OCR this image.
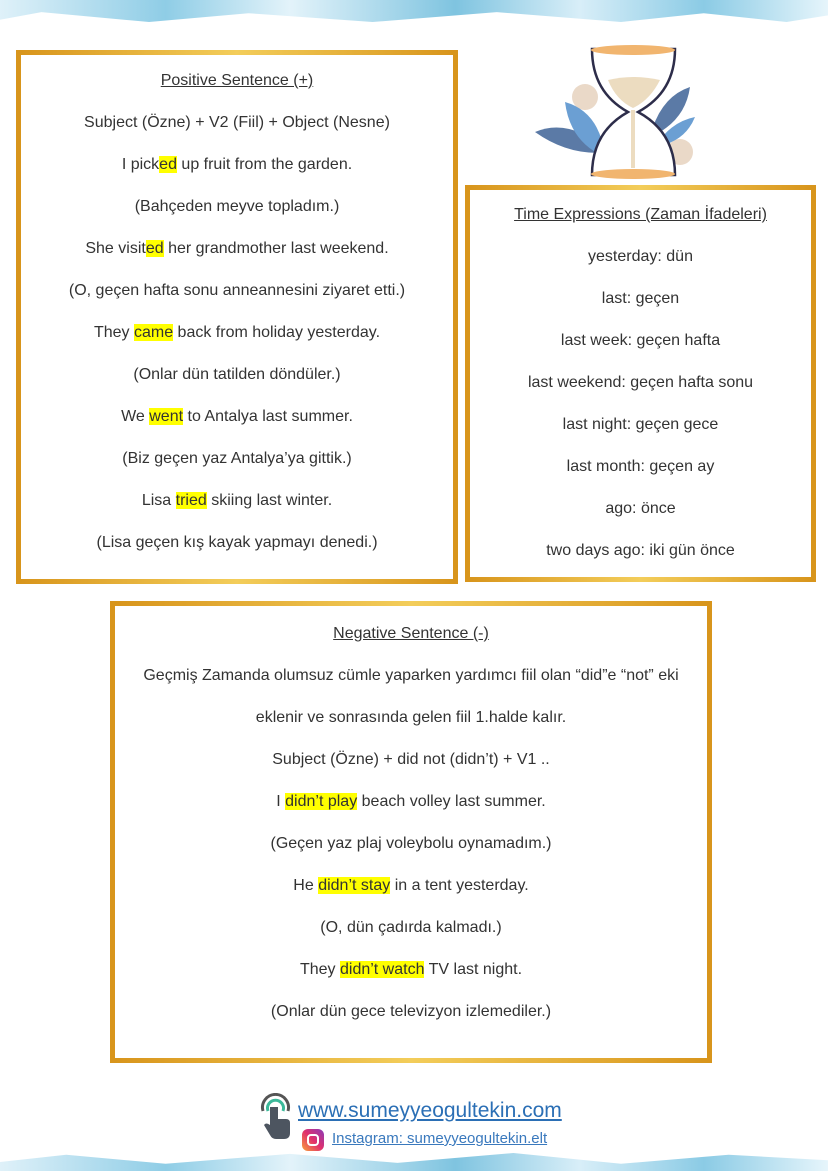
Positive Sentence (+)
Subject (Özne) + V2 (Fiil) + Object (Nesne)
I picked up fruit from the garden.
(Bahçeden meyve topladım.)
She visited her grandmother last weekend.
(O, geçen hafta sonu anneannesini ziyaret etti.)
They came back from holiday yesterday.
(Onlar dün tatilden döndüler.)
We went to Antalya last summer.
(Biz geçen yaz Antalya’ya gittik.)
Lisa tried skiing last winter.
(Lisa geçen kış kayak yapmayı denedi.)
Time Expressions (Zaman İfadeleri)
yesterday: dün
last: geçen
last week: geçen hafta
last weekend: geçen hafta sonu
last night: geçen gece
last month: geçen ay
ago: önce
two days ago: iki gün önce
Negative Sentence (-)
Geçmiş Zamanda olumsuz cümle yaparken yardımcı fiil olan “did”e “not” eki
eklenir ve sonrasında gelen fiil 1.halde kalır.
Subject (Özne) + did not (didn’t) + V1 ..
I didn’t play beach volley last summer.
(Geçen yaz plaj voleybolu oynamadım.)
He didn’t stay in a tent yesterday.
(O, dün çadırda kalmadı.)
They didn’t watch TV last night.
(Onlar dün gece televizyon izlemediler.)
www.sumeyyeogultekin.com
Instagram: sumeyyeogultekin.elt
